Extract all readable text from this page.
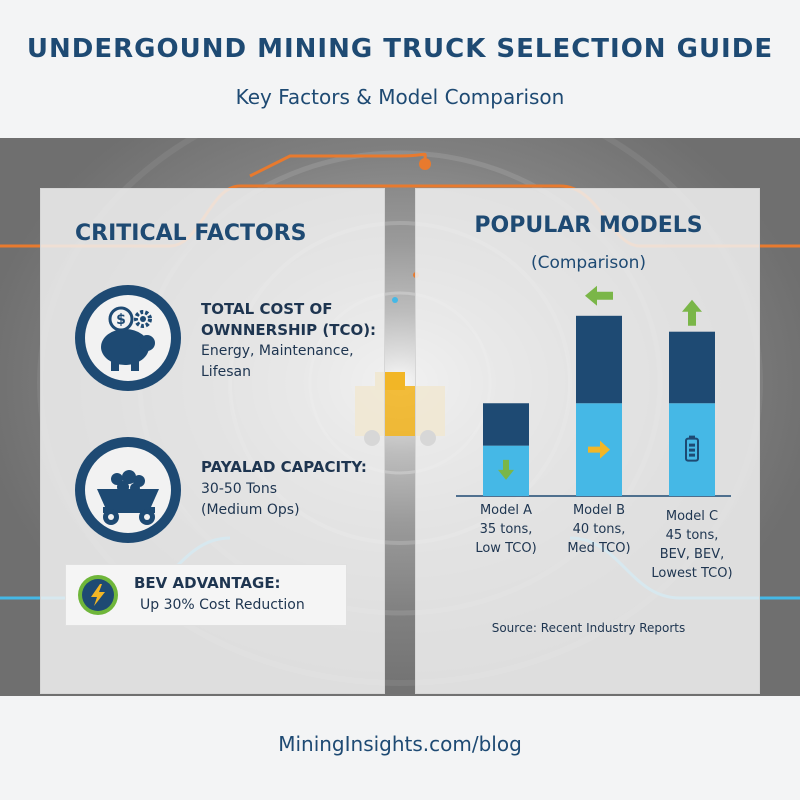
UNDERGOUND MINING TRUCK SELECTION GUIDE
Key Factors & Model Comparison
CRITICAL FACTORS
$
TOTAL COST OF
OWNNERSHIP (TCO):
Energy, Maintenance,
Lifesan
PAYALAD CAPACITY:
30-50 Tons
(Medium Ops)
BEV ADVANTAGE:
Up 30% Cost Reduction
POPULAR MODELS
(Comparison)
Model A
35 tons,
Low TCO)
Model B
40 tons,
Med TCO)
Model C
45 tons,
BEV, BEV,
Lowest TCO)
Source: Recent Industry Reports
MiningInsights.com/blog
